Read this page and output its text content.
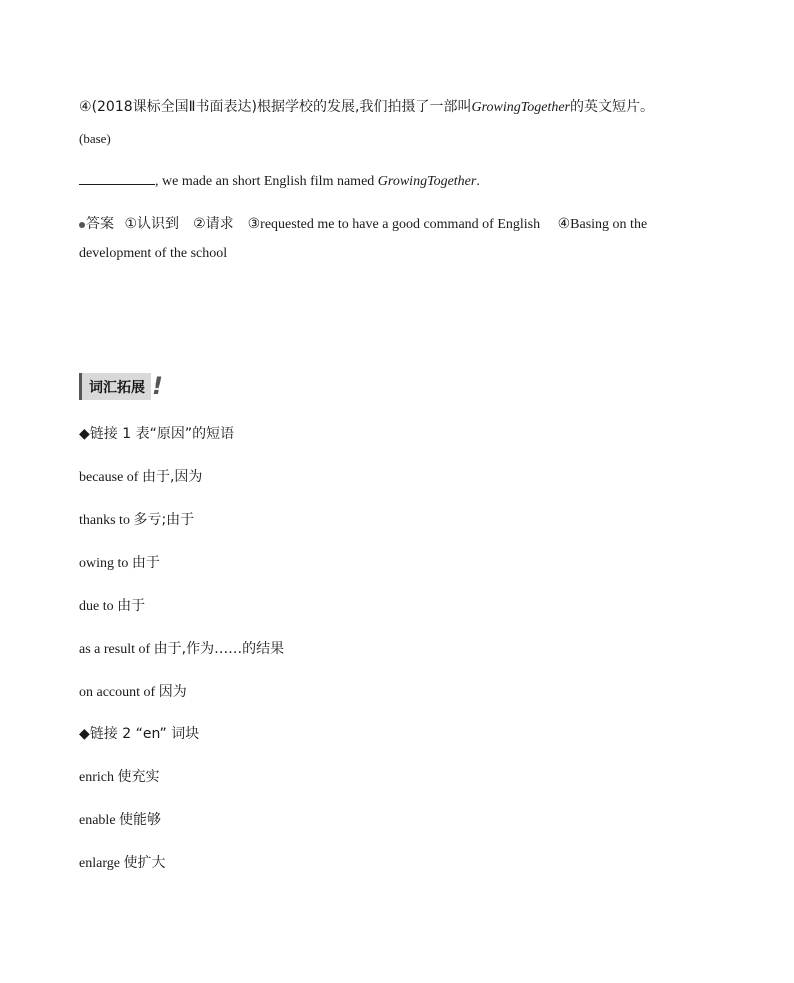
④(2018课标全国Ⅱ书面表达)根据学校的发展,我们拍摄了一部叫GrowingTogether的英文短片。
(base)
, we made an short English film named GrowingTogether.
答案 ①认识到 ②请求 ③requested me to have a good command of English ④Basing on the
development of the school
词汇拓展 !
◆链接 1 表“原因”的短语
because of 由于,因为
thanks to 多亏;由于
owing to 由于
due to 由于
as a result of 由于,作为……的结果
on account of 因为
◆链接 2 “en” 词块
enrich 使充实
enable 使能够
enlarge 使扩大
